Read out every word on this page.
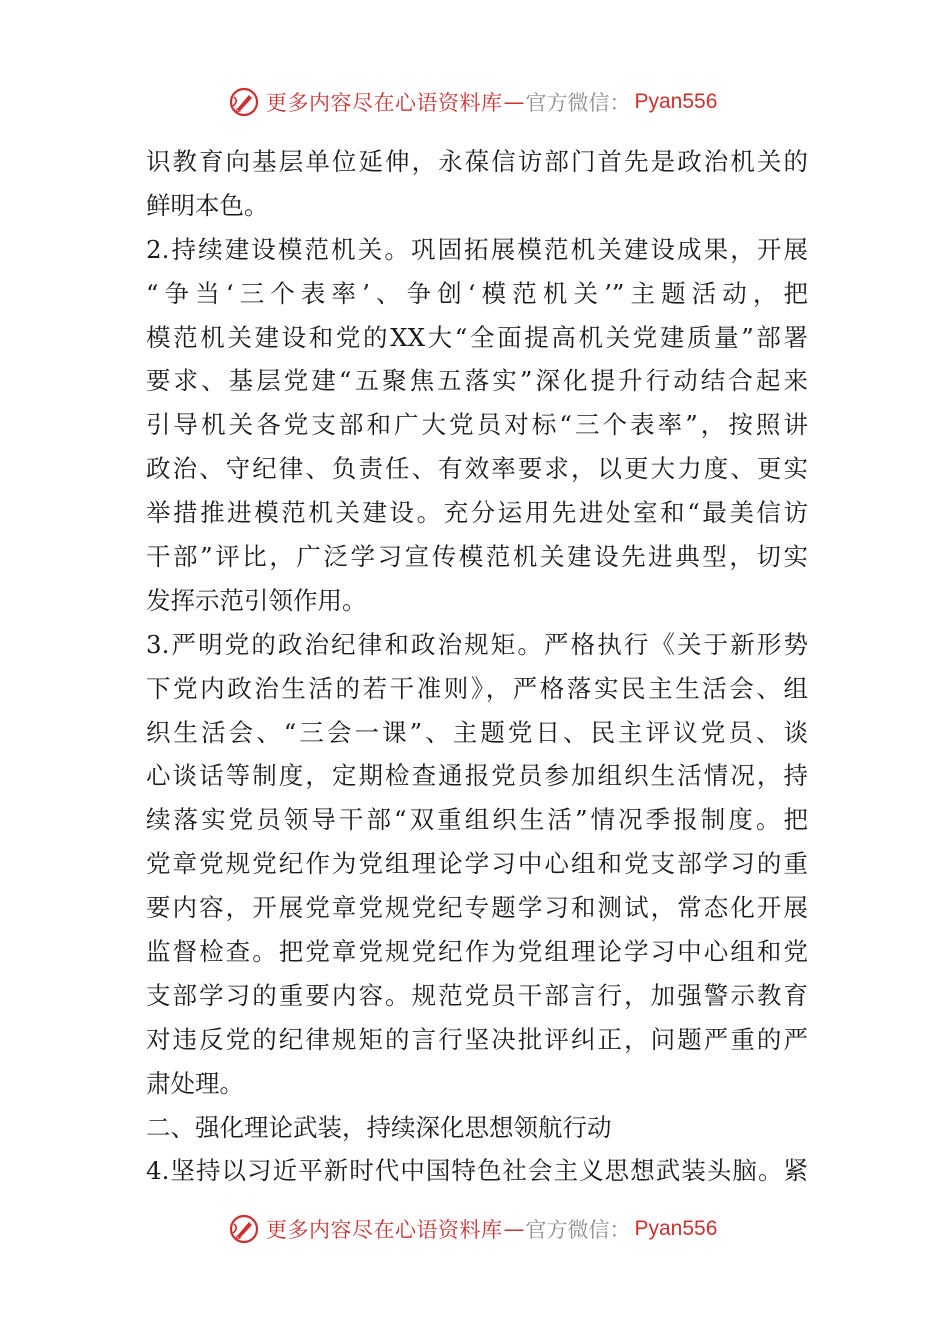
更多内容尽在心语资料库 — 官方微信： Pyan556
识教育向基层单位延伸，永葆信访部门首先是政治机关的
鲜明本色。
2.持续建设模范机关。巩固拓展模范机关建设成果，开展
“争当‘三个表率’、争创‘模范机关’”主题活动，把
模范机关建设和党的XX大“全面提高机关党建质量”部署
要求、基层党建“五聚焦五落实”深化提升行动结合起来
引导机关各党支部和广大党员对标“三个表率”，按照讲
政治、守纪律、负责任、有效率要求，以更大力度、更实
举措推进模范机关建设。充分运用先进处室和“最美信访
干部”评比，广泛学习宣传模范机关建设先进典型，切实
发挥示范引领作用。
3.严明党的政治纪律和政治规矩。严格执行《关于新形势
下党内政治生活的若干准则》，严格落实民主生活会、组
织生活会、“三会一课”、主题党日、民主评议党员、谈
心谈话等制度，定期检查通报党员参加组织生活情况，持
续落实党员领导干部“双重组织生活”情况季报制度。把
党章党规党纪作为党组理论学习中心组和党支部学习的重
要内容，开展党章党规党纪专题学习和测试，常态化开展
监督检查。把党章党规党纪作为党组理论学习中心组和党
支部学习的重要内容。规范党员干部言行，加强警示教育
对违反党的纪律规矩的言行坚决批评纠正，问题严重的严
肃处理。
二、强化理论武装，持续深化思想领航行动
4.坚持以习近平新时代中国特色社会主义思想武装头脑。紧
更多内容尽在心语资料库 — 官方微信： Pyan556
